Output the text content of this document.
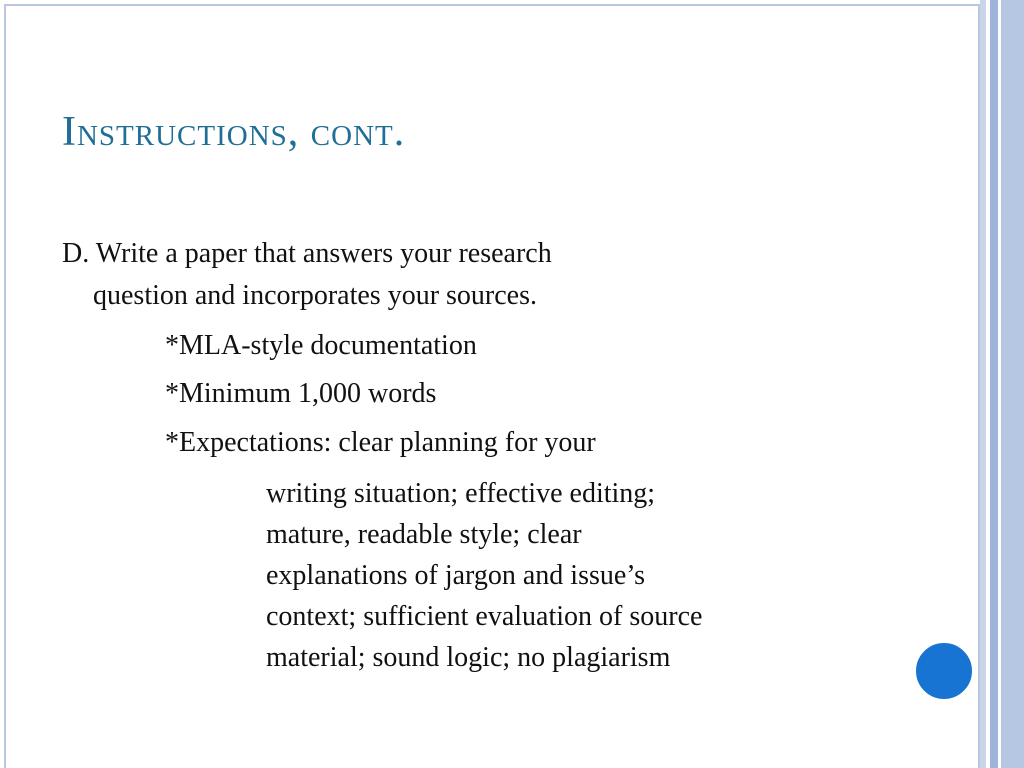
Instructions, cont.
D. Write a paper that answers your research
question and incorporates your sources.
*MLA-style documentation
*Minimum 1,000 words
*Expectations: clear planning for your
writing situation; effective editing;
mature, readable style; clear
explanations of jargon and issue’s
context; sufficient evaluation of source
material; sound logic; no plagiarism
